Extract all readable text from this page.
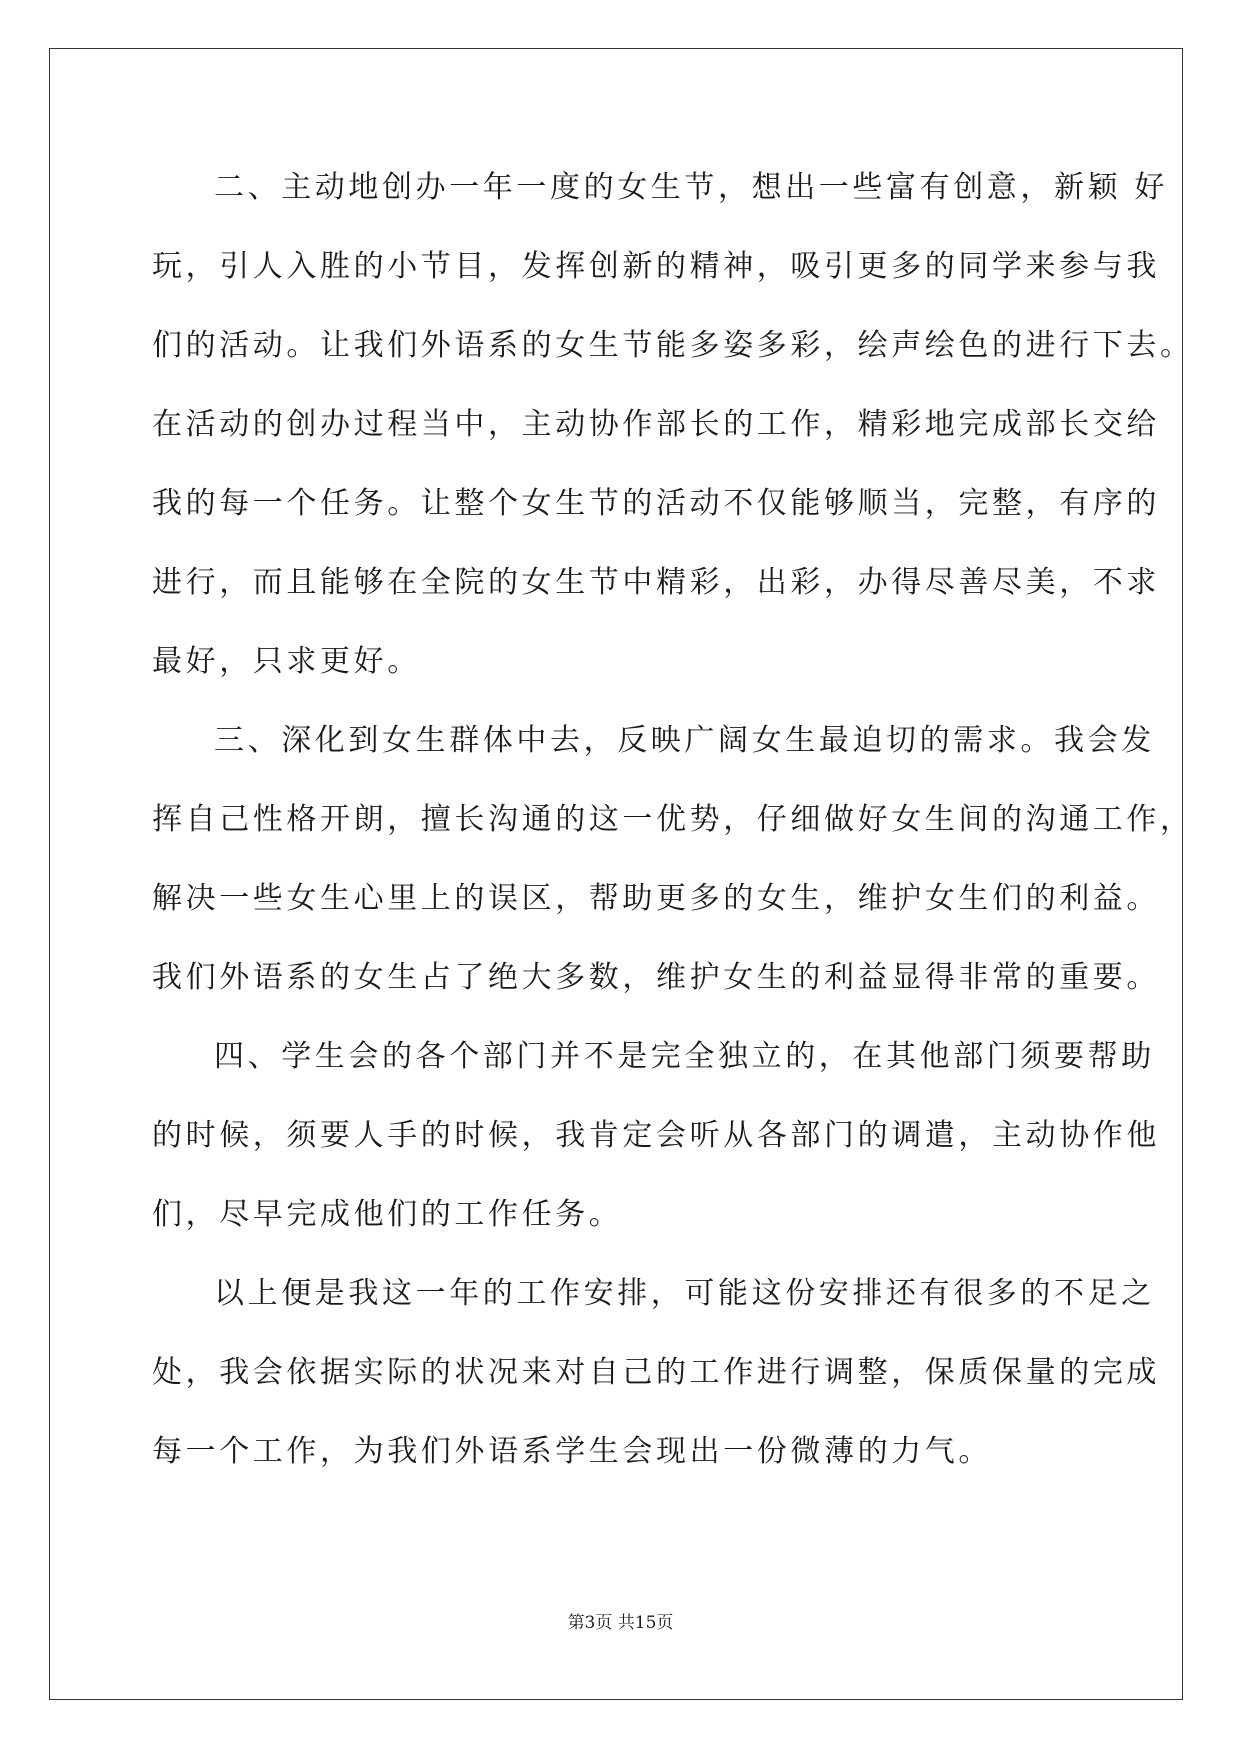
二、主动地创办一年一度的女生节，想出一些富有创意，新颖 好
玩，引人入胜的小节目，发挥创新的精神，吸引更多的同学来参与我
们的活动。让我们外语系的女生节能多姿多彩，绘声绘色的进行下去。
在活动的创办过程当中，主动协作部长的工作，精彩地完成部长交给
我的每一个任务。让整个女生节的活动不仅能够顺当，完整，有序的
进行，而且能够在全院的女生节中精彩，出彩，办得尽善尽美，不求
最好，只求更好。
三、深化到女生群体中去，反映广阔女生最迫切的需求。我会发
挥自己性格开朗，擅长沟通的这一优势，仔细做好女生间的沟通工作，
解决一些女生心里上的误区，帮助更多的女生，维护女生们的利益。
我们外语系的女生占了绝大多数，维护女生的利益显得非常的重要。
四、学生会的各个部门并不是完全独立的，在其他部门须要帮助
的时候，须要人手的时候，我肯定会听从各部门的调遣，主动协作他
们，尽早完成他们的工作任务。
以上便是我这一年的工作安排，可能这份安排还有很多的不足之
处，我会依据实际的状况来对自己的工作进行调整，保质保量的完成
每一个工作，为我们外语系学生会现出一份微薄的力气。
第3页 共15页
